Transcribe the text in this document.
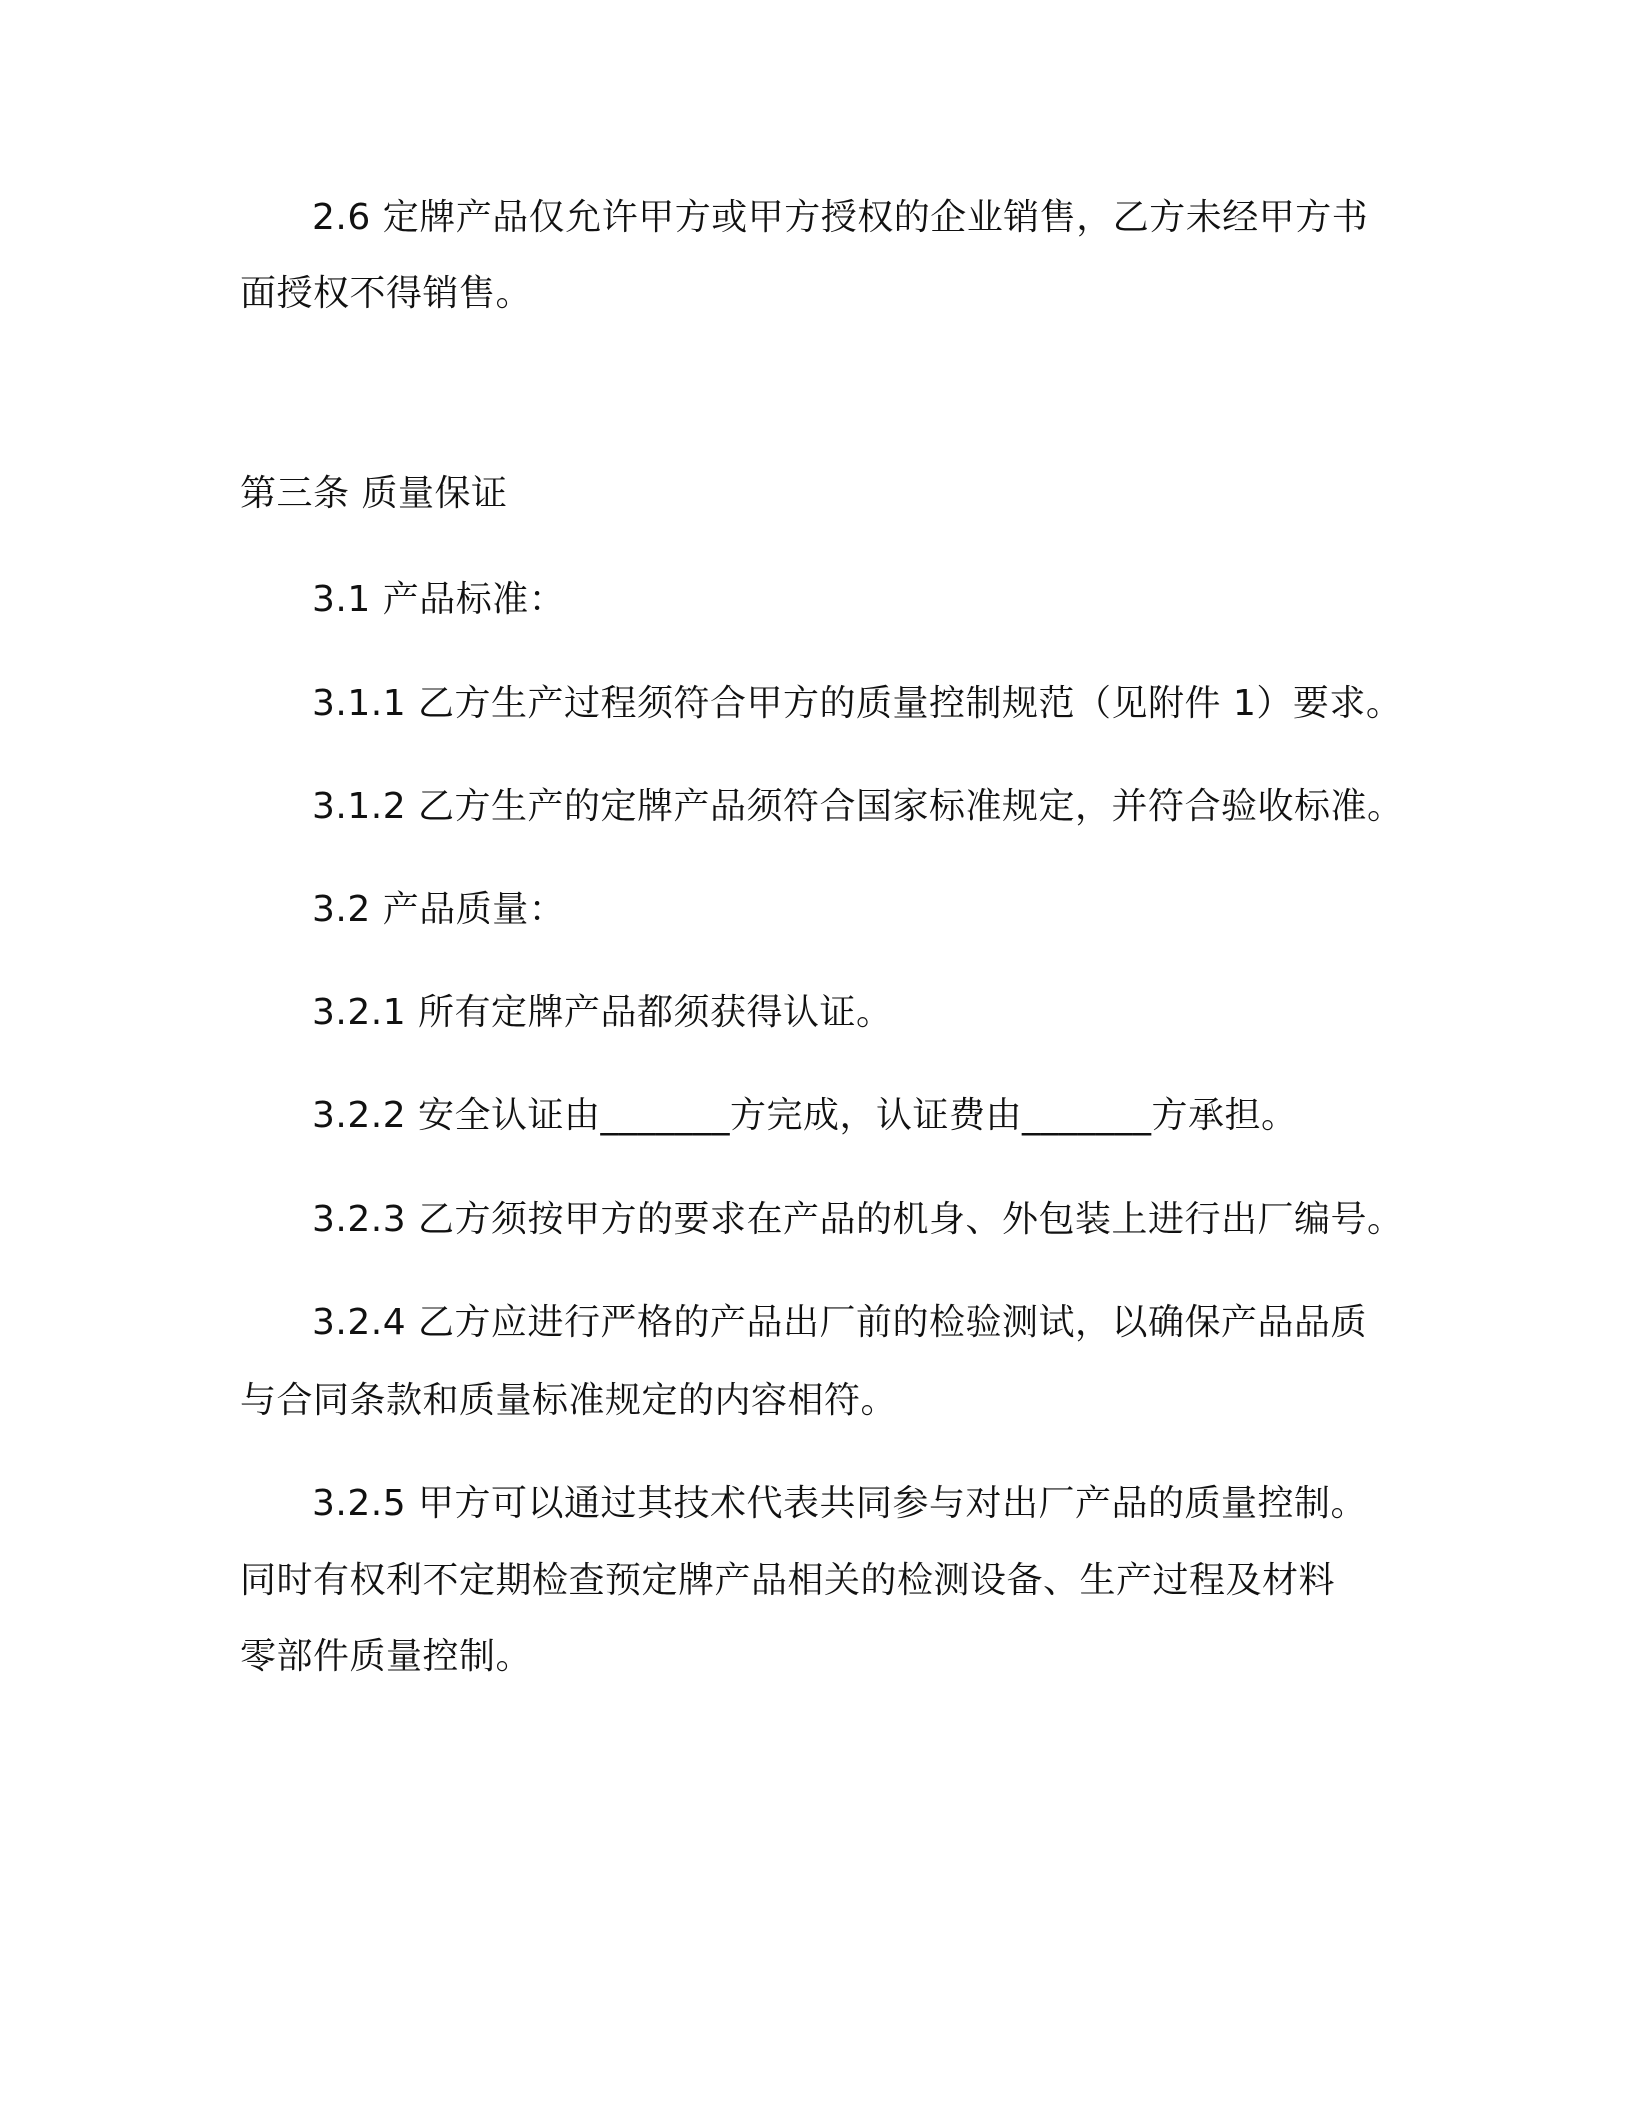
2.6 定牌产品仅允许甲方或甲方授权的企业销售，乙方未经甲方书
面授权不得销售。
第三条 质量保证
3.1 产品标准：
3.1.1 乙方生产过程须符合甲方的质量控制规范（见附件 1）要求。
3.1.2 乙方生产的定牌产品须符合国家标准规定，并符合验收标准。
3.2 产品质量：
3.2.1 所有定牌产品都须获得认证。
3.2.2 安全认证由_______方完成，认证费由_______方承担。
3.2.3 乙方须按甲方的要求在产品的机身、外包装上进行出厂编号。
3.2.4 乙方应进行严格的产品出厂前的检验测试，以确保产品品质
与合同条款和质量标准规定的内容相符。
3.2.5 甲方可以通过其技术代表共同参与对出厂产品的质量控制。
同时有权利不定期检查预定牌产品相关的检测设备、生产过程及材料
零部件质量控制。
